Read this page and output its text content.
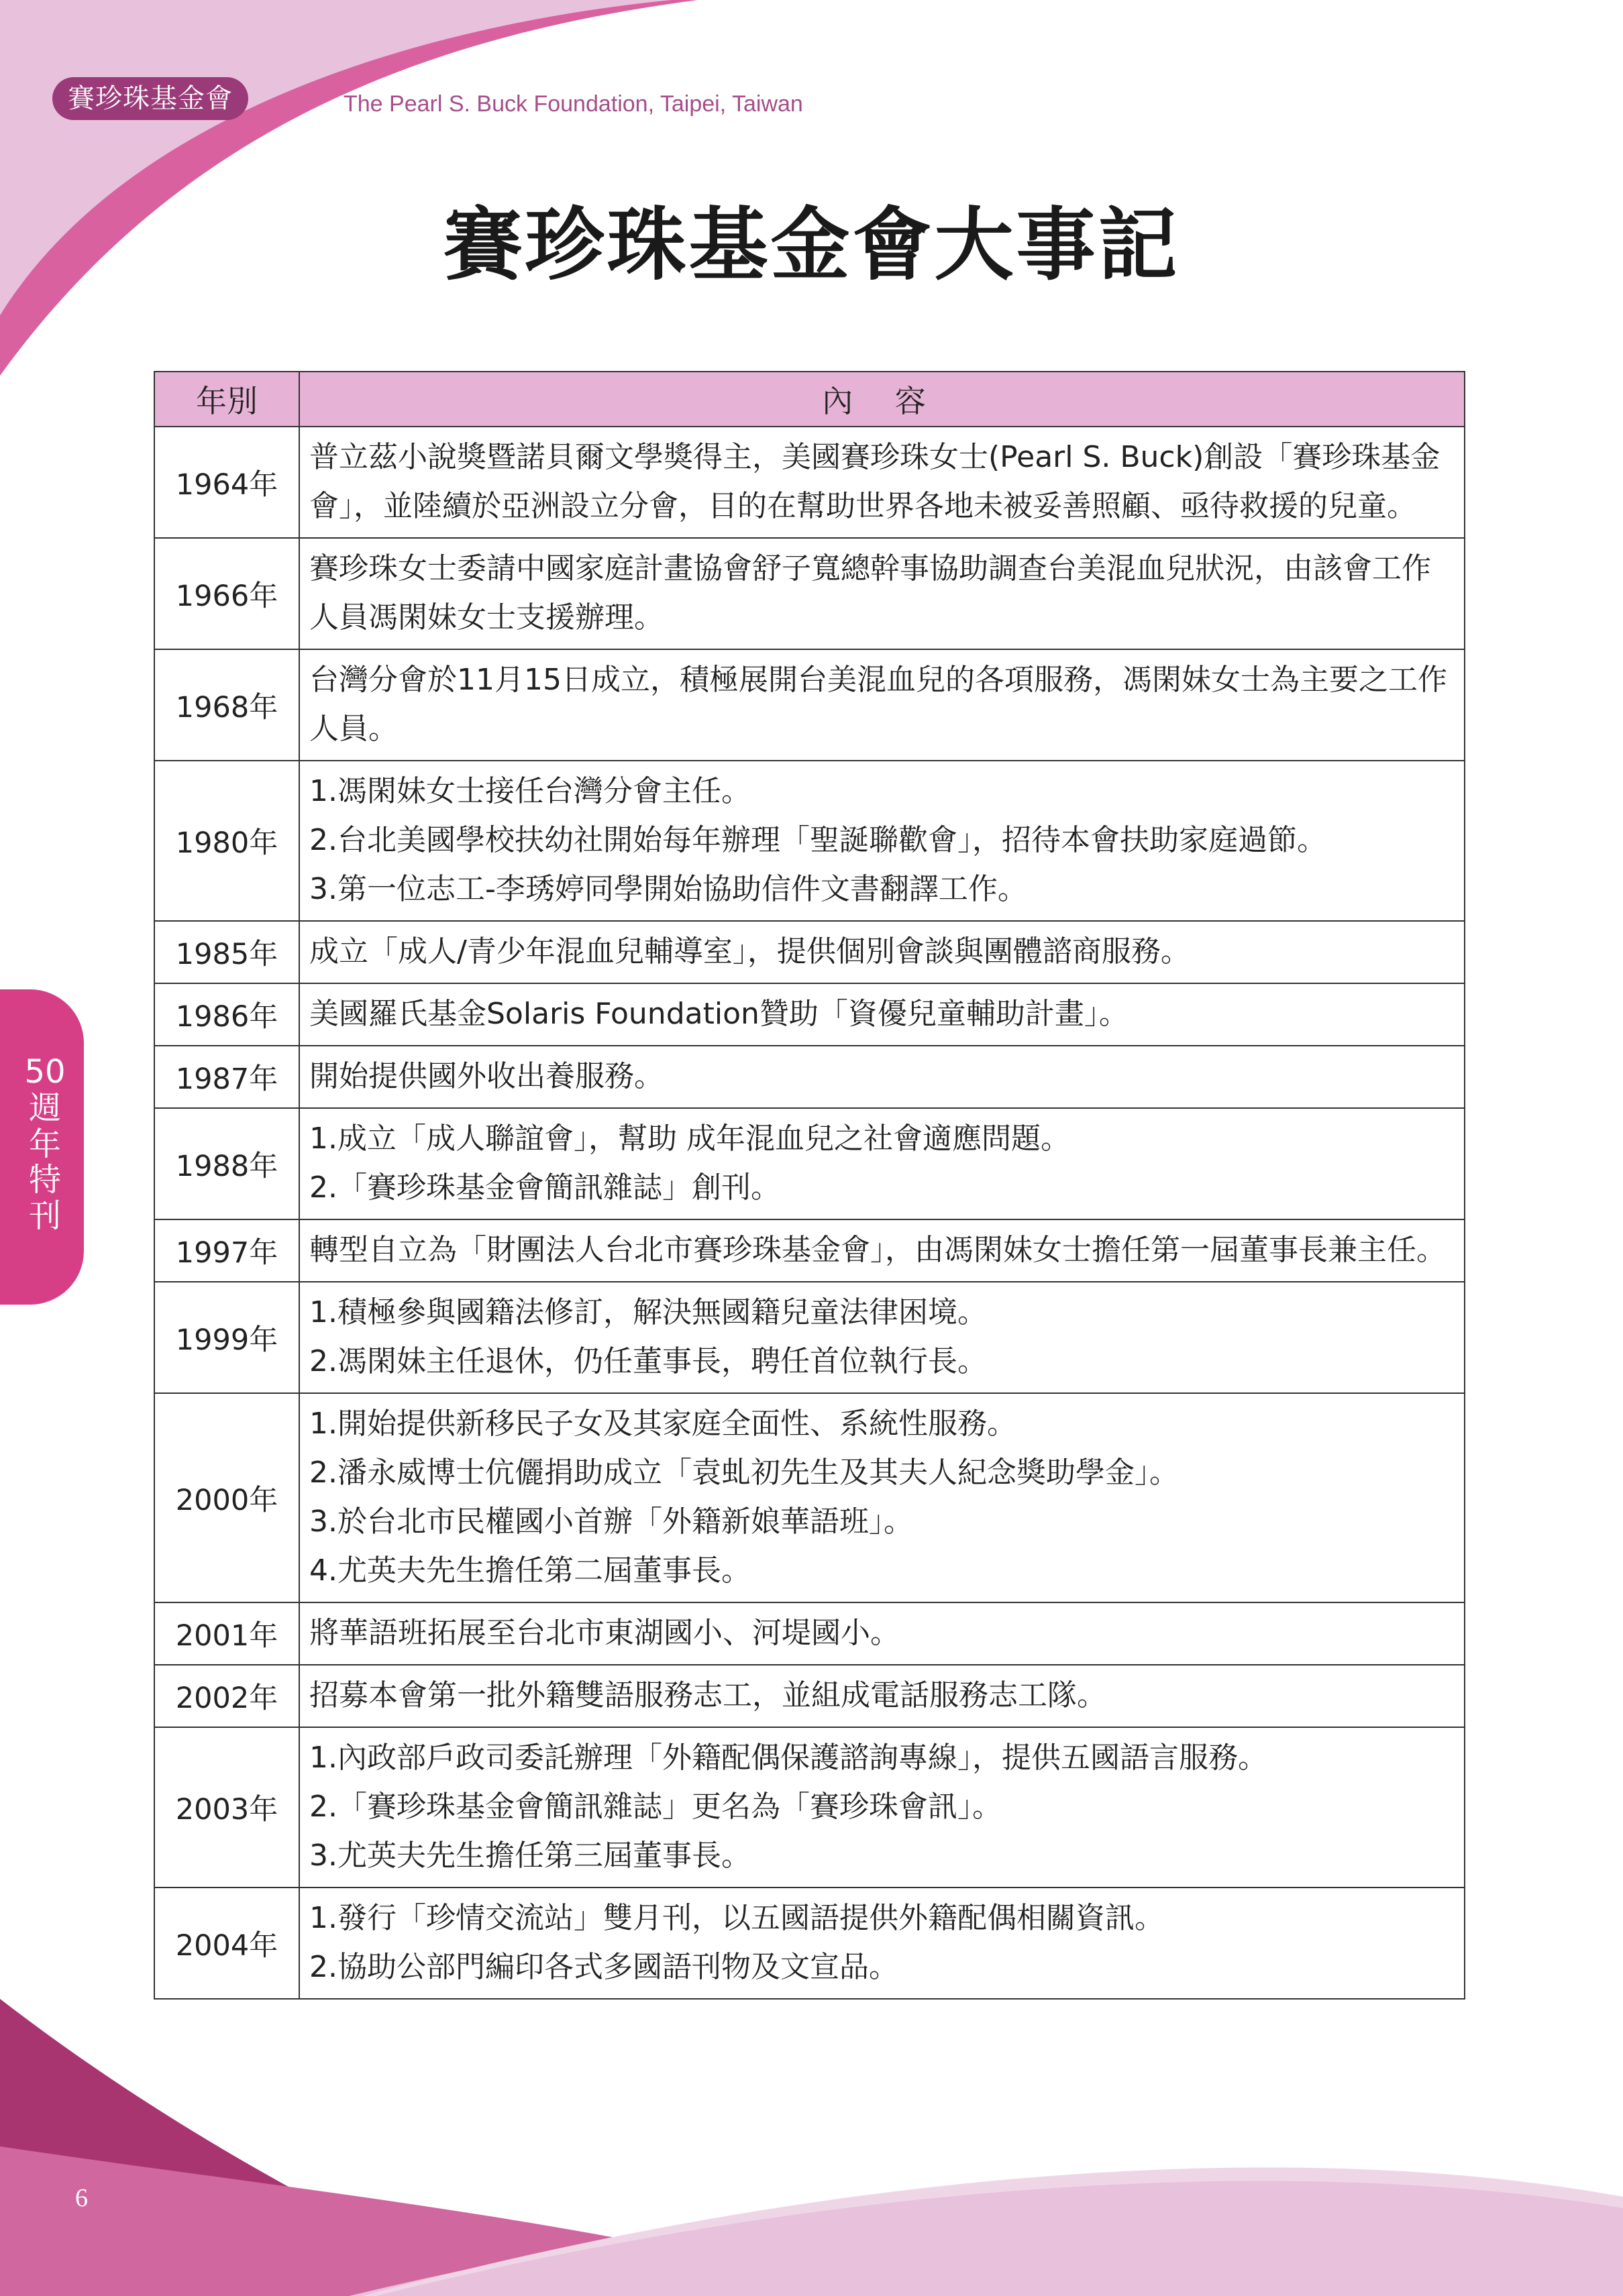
賽珍珠基金會	The Pearl S. Buck Foundation, Taipei, Taiwan
賽珍珠基金會大事記
50週年特刊
年別	內 容
1964年	普立茲小說獎暨諾貝爾文學獎得主，美國賽珍珠女士(Pearl S. Buck)創設「賽珍珠基金會」，並陸續於亞洲設立分會，目的在幫助世界各地未被妥善照顧、亟待救援的兒童。

1966年	賽珍珠女士委請中國家庭計畫協會舒子寬總幹事協助調查台美混血兒狀況，由該會工作人員馮閑妹女士支援辦理。

1968年	台灣分會於11月15日成立，積極展開台美混血兒的各項服務，馮閑妹女士為主要之工作人員。

1980年	1.馮閑妹女士接任台灣分會主任。
2.台北美國學校扶幼社開始每年辦理「聖誕聯歡會」，招待本會扶助家庭過節。
3.第一位志工-李琇婷同學開始協助信件文書翻譯工作。

1985年	成立「成人/青少年混血兒輔導室」，提供個別會談與團體諮商服務。

1986年	美國羅氏基金Solaris Foundation贊助「資優兒童輔助計畫」。

1987年	開始提供國外收出養服務。

1988年	1.成立「成人聯誼會」，幫助 成年混血兒之社會適應問題。
2.「賽珍珠基金會簡訊雜誌」創刊。

1997年	轉型自立為「財團法人台北市賽珍珠基金會」，由馮閑妹女士擔任第一屆董事長兼主任。

1999年	1.積極參與國籍法修訂，解決無國籍兒童法律困境。
2.馮閑妹主任退休，仍任董事長，聘任首位執行長。

2000年	1.開始提供新移民子女及其家庭全面性、系統性服務。
2.潘永威博士伉儷捐助成立「袁虬初先生及其夫人紀念獎助學金」。
3.於台北市民權國小首辦「外籍新娘華語班」。
4.尤英夫先生擔任第二屆董事長。

2001年	將華語班拓展至台北市東湖國小、河堤國小。

2002年	招募本會第一批外籍雙語服務志工，並組成電話服務志工隊。

2003年	1.內政部戶政司委託辦理「外籍配偶保護諮詢專線」，提供五國語言服務。
2.「賽珍珠基金會簡訊雜誌」更名為「賽珍珠會訊」。
3.尤英夫先生擔任第三屆董事長。

2004年	1.發行「珍情交流站」雙月刊，以五國語提供外籍配偶相關資訊。
2.協助公部門編印各式多國語刊物及文宣品。
6
